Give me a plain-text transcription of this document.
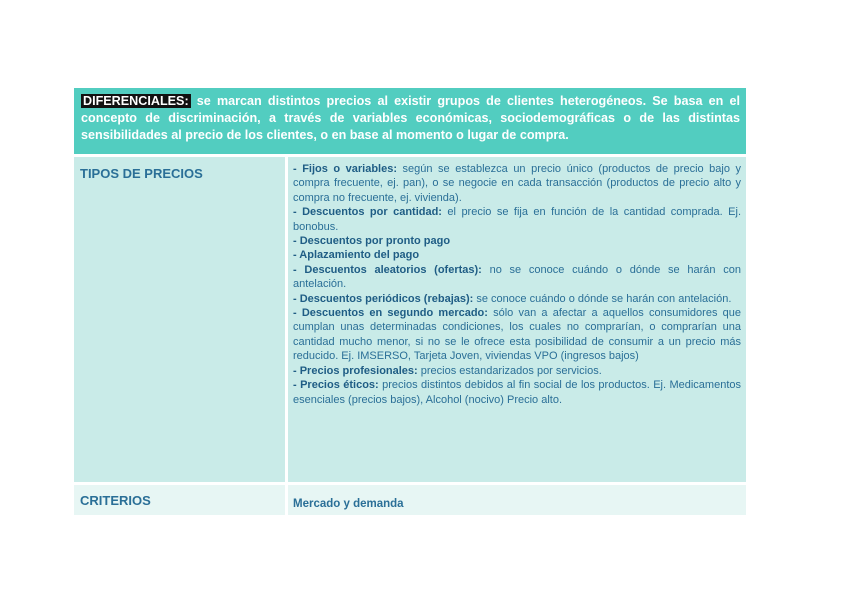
DIFERENCIALES: se marcan distintos precios al existir grupos de clientes heterogéneos. Se basa en el concepto de discriminación, a través de variables económicas, sociodemográficas o de las distintas sensibilidades al precio de los clientes, o en base al momento o lugar de compra.
TIPOS DE PRECIOS	- Fijos o variables: según se establezca un precio único (productos de precio bajo y compra frecuente, ej. pan), o se negocie en cada transacción (productos de precio alto y compra no frecuente, ej. vivienda).

- Descuentos por cantidad: el precio se fija en función de la cantidad comprada. Ej. bonobus.

- Descuentos por pronto pago

- Aplazamiento del pago

- Descuentos aleatorios (ofertas): no se conoce cuándo o dónde se harán con antelación.

- Descuentos periódicos (rebajas): se conoce cuándo o dónde se harán con antelación.

- Descuentos en segundo mercado: sólo van a afectar a aquellos consumidores que cumplan unas determinadas condiciones, los cuales no comprarían, o comprarían una cantidad mucho menor, si no se le ofrece esta posibilidad de consumir a un precio más reducido. Ej. IMSERSO, Tarjeta Joven, viviendas VPO (ingresos bajos)

- Precios profesionales: precios estandarizados por servicios.

- Precios éticos: precios distintos debidos al fin social de los productos. Ej. Medicamentos esenciales (precios bajos), Alcohol (nocivo) Precio alto.

CRITERIOS	Mercado y demanda
